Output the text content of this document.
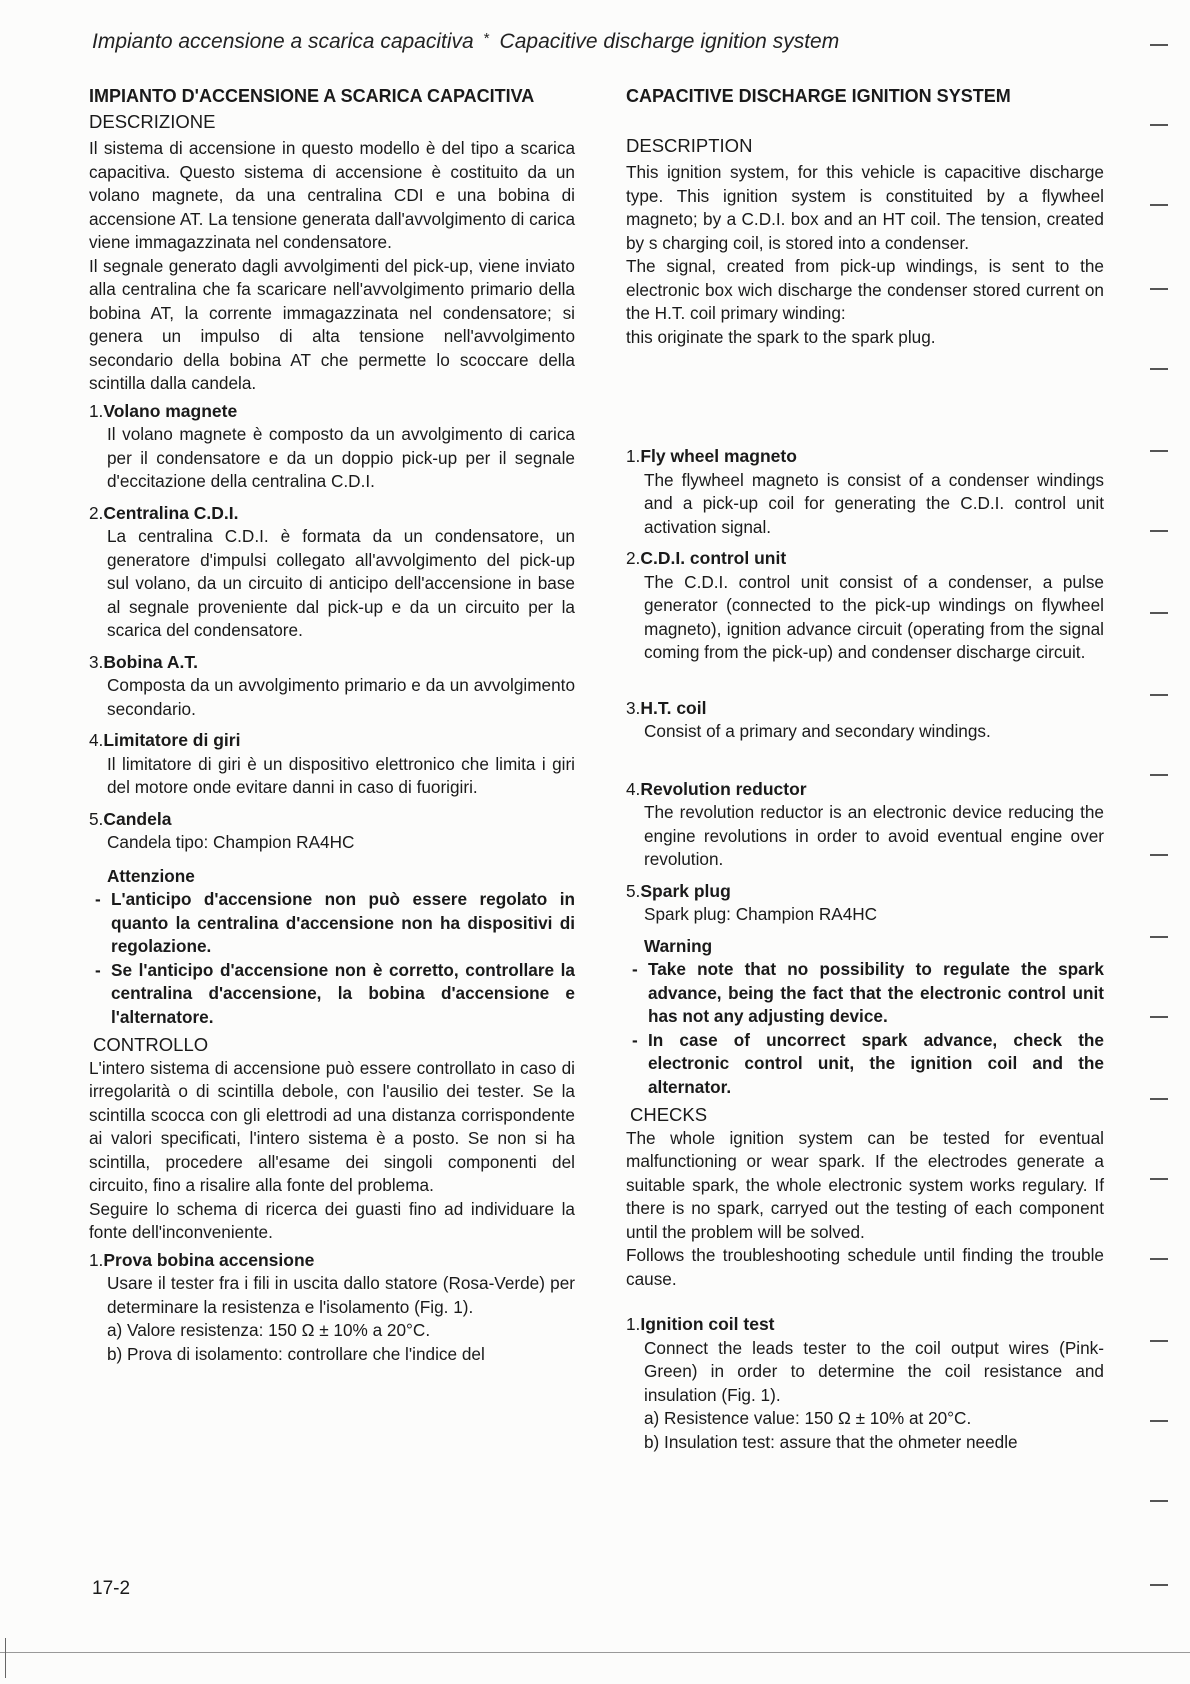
Impianto accensione a scarica capacitiva * Capacitive discharge ignition system
IMPIANTO D'ACCENSIONE A SCARICA CAPACITIVA
DESCRIZIONE

Il sistema di accensione in questo modello è del tipo a scarica capacitiva. Questo sistema di accensione è costituito da un volano magnete, da una centralina CDI e una bobina di accensione AT. La tensione generata dall'avvolgimento di carica viene immagazzinata nel condensatore.

Il segnale generato dagli avvolgimenti del pick-up, viene inviato alla centralina che fa scaricare nell'avvolgimento primario della bobina AT, la corrente immagazzinata nel condensatore; si genera un impulso di alta tensione nell'avvolgimento secondario della bobina AT che permette lo scoccare della scintilla dalla candela.

1.Volano magnete
Il volano magnete è composto da un avvolgimento di carica per il condensatore e da un doppio pick-up per il segnale d'eccitazione della centralina C.D.I.
2.Centralina C.D.I.
La centralina C.D.I. è formata da un condensatore, un generatore d'impulsi collegato all'avvolgimento del pick-up sul volano, da un circuito di anticipo dell'accensione in base al segnale proveniente dal pick-up e da un circuito per la scarica del condensatore.
3.Bobina A.T.
Composta da un avvolgimento primario e da un avvolgimento secondario.
4.Limitatore di giri
Il limitatore di giri è un dispositivo elettronico che limita i giri del motore onde evitare danni in caso di fuorigiri.
5.Candela
Candela tipo: Champion RA4HC
Attenzione
- L'anticipo d'accensione non può essere regolato in quanto la centralina d'accensione non ha dispositivi di regolazione.
- Se l'anticipo d'accensione non è corretto, controllare la centralina d'accensione, la bobina d'accensione e l'alternatore.
CONTROLLO

L'intero sistema di accensione può essere controllato in caso di irregolarità o di scintilla debole, con l'ausilio dei tester. Se la scintilla scocca con gli elettrodi ad una distanza corrispondente ai valori specificati, l'intero sistema è a posto. Se non si ha scintilla, procedere all'esame dei singoli componenti del circuito, fino a risalire alla fonte del problema.

Seguire lo schema di ricerca dei guasti fino ad individuare la fonte dell'inconveniente.

1.Prova bobina accensione
Usare il tester fra i fili in uscita dallo statore (Rosa-Verde) per determinare la resistenza e l'isolamento (Fig. 1).
a) Valore resistenza: 150 Ω ± 10% a 20°C.
b) Prova di isolamento: controllare che l'indice del
CAPACITIVE DISCHARGE IGNITION SYSTEM
DESCRIPTION

This ignition system, for this vehicle is capacitive discharge type. This ignition system is constituited by a flywheel magneto; by a C.D.I. box and an HT coil. The tension, created by s charging coil, is stored into a condenser.

The signal, created from pick-up windings, is sent to the electronic box wich discharge the condenser stored current on the H.T. coil primary winding:

this originate the spark to the spark plug.

1.Fly wheel magneto
The flywheel magneto is consist of a condenser windings and a pick-up coil for generating the C.D.I. control unit activation signal.
2.C.D.I. control unit
The C.D.I. control unit consist of a condenser, a pulse generator (connected to the pick-up windings on flywheel magneto), ignition advance circuit (operating from the signal coming from the pick-up) and condenser discharge circuit.
3.H.T. coil
Consist of a primary and secondary windings.
4.Revolution reductor
The revolution reductor is an electronic device reducing the engine revolutions in order to avoid eventual engine over revolution.
5.Spark plug
Spark plug: Champion RA4HC
Warning
- Take note that no possibility to regulate the spark advance, being the fact that the electronic control unit has not any adjusting device.
- In case of uncorrect spark advance, check the electronic control unit, the ignition coil and the alternator.
CHECKS

The whole ignition system can be tested for eventual malfunctioning or wear spark. If the electrodes generate a suitable spark, the whole electronic system works regulary. If there is no spark, carryed out the testing of each component until the problem will be solved.

Follows the troubleshooting schedule until finding the trouble cause.

1.Ignition coil test
Connect the leads tester to the coil output wires (Pink-Green) in order to determine the coil resistance and insulation (Fig. 1).
a) Resistence value: 150 Ω ± 10% at 20°C.
b) Insulation test: assure that the ohmeter needle
17-2
